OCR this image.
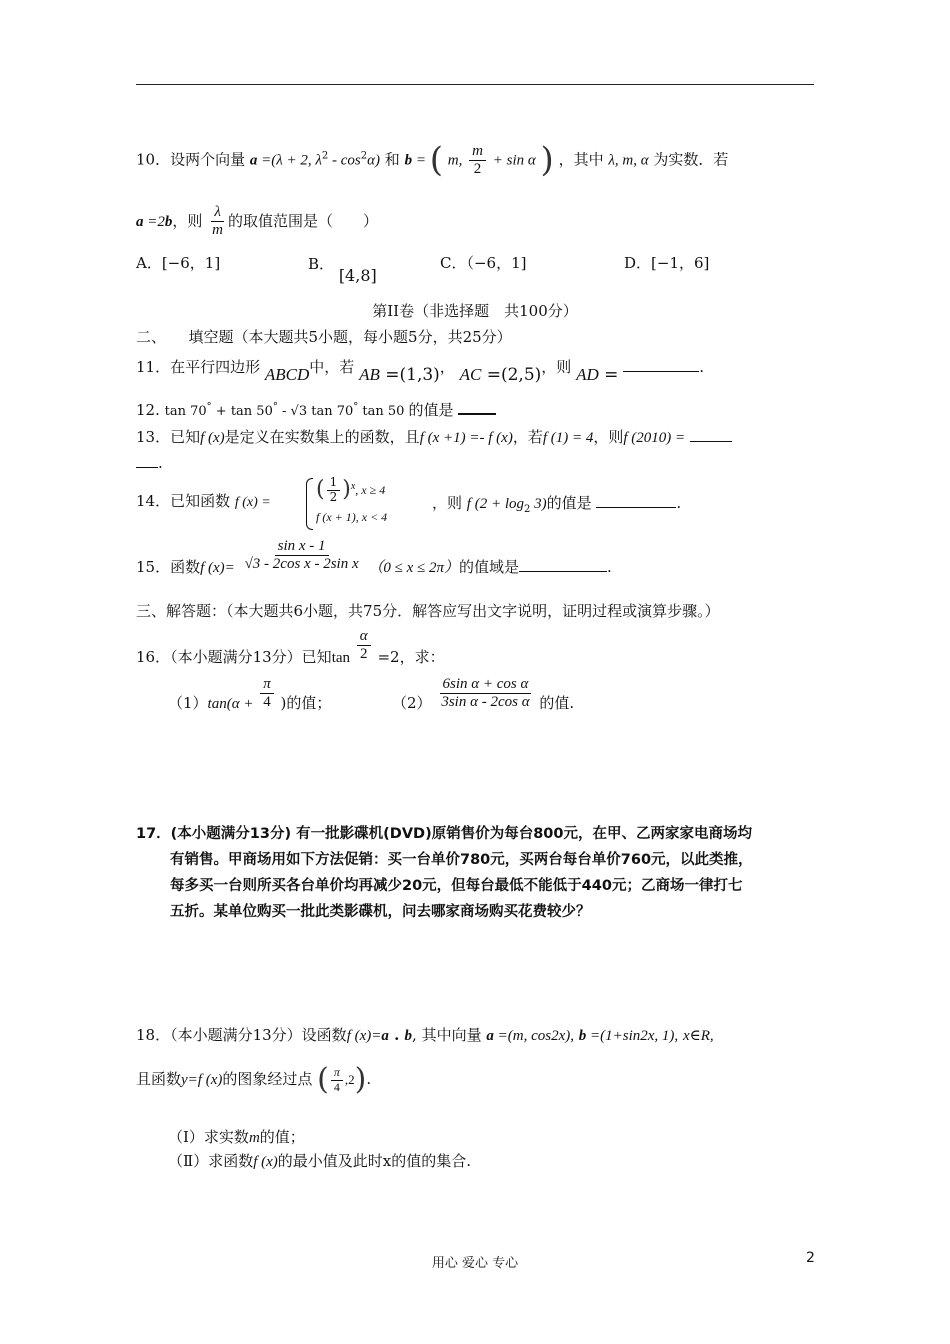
10．设两个向量 a =(λ + 2, $\lambda^2 - \cos^2\alpha$) 和 b = ( m, $\frac{m}{2} + \sin \alpha$ ) ，其中 λ, m, α 为实数．若
a =2b，则 $\frac{\lambda}{m}$ 的取值范围是（　　）
A．[−6，1]	B． [4,8]
C．（−6，1]	D．[−1，6]
第II卷（非选择题　共100分）
二、　　填空题（本大题共5小题，每小题5分，共25分）
11．在平行四边形 ABCD中，若 AB =(1,3)， AC =(2,5)，则 AD =	.
12. tan 70° + tan 50° - √3 tan 70° tan 50 的值是
13．已知f (x)是定义在实数集上的函数，且f (x +1) =- f (x)，若f (1) = 4，则f (2010) =
.
14．已知函数 f (x) =
( $\frac{1}{2} )^x$, x ≥ 4
f (x + 1), x < 4
，则 f $(2 + \log_2 3)$的值是	.
15．函数f $(x)= \frac{\text{sin x - 1}}{\text{√3 - 2cos x - 2sin x}} (0 \le x \le 2\pi)$的值域是	.
三、解答题：（本大题共6小题，共75分．解答应写出文字说明，证明过程或演算步骤。）
16．（本小题满分13分）已知$\tan \frac{\alpha}{2} =2$，求：
$(1)\tan(\alpha + \frac{\pi}{4}$ )的值；	$(2) \frac{\text{6sin α + cos α}}{\text{3sin α - 2cos α}}$ 的值.
17．(本小题满分13分) 有一批影碟机(DVD)原销售价为每台800元，在甲、乙两家家电商场均
有销售。甲商场用如下方法促销：买一台单价780元，买两台每台单价760元，以此类推，
每多买一台则所买各台单价均再减少20元，但每台最低不能低于440元；乙商场一律打七
五折。某单位购买一批此类影碟机，问去哪家商场购买花费较少？
18．（本小题满分13分）设函数f (x)=a . b, 其中向量 a =(m, cos2x), b =(1+sin2x, 1), x∈R,
且函数y=f (x)的图象经过点 ( $\frac{\pi}{4} ,2$).
（Ⅰ）求实数m的值；
（Ⅱ）求函数f (x)的最小值及此时x的值的集合.
用心 爱心 专心	2
